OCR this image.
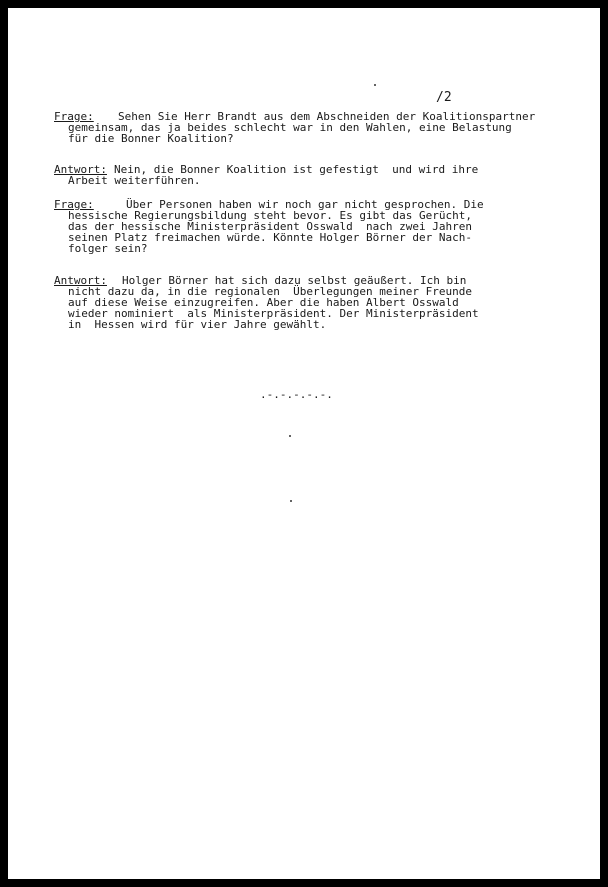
/2
Frage: Sehen Sie Herr Brandt aus dem Abschneiden der Koalitionspartner
gemeinsam, das ja beides schlecht war in den Wahlen, eine Belastung
für die Bonner Koalition?
Antwort: Nein, die Bonner Koalition ist gefestigt  und wird ihre
Arbeit weiterführen.
Frage:	Über Personen haben wir noch gar nicht gesprochen. Die
hessische Regierungsbildung steht bevor. Es gibt das Gerücht,
das der hessische Ministerpräsident Osswald  nach zwei Jahren
seinen Platz freimachen würde. Könnte Holger Börner der Nach-
folger sein?
Antwort: Holger Börner hat sich dazu selbst geäußert. Ich bin
nicht dazu da, in die regionalen  Überlegungen meiner Freunde
auf diese Weise einzugreifen. Aber die haben Albert Osswald
wieder nominiert  als Ministerpräsident. Der Ministerpräsident
in  Hessen wird für vier Jahre gewählt.
.-.-.-.-.-.
